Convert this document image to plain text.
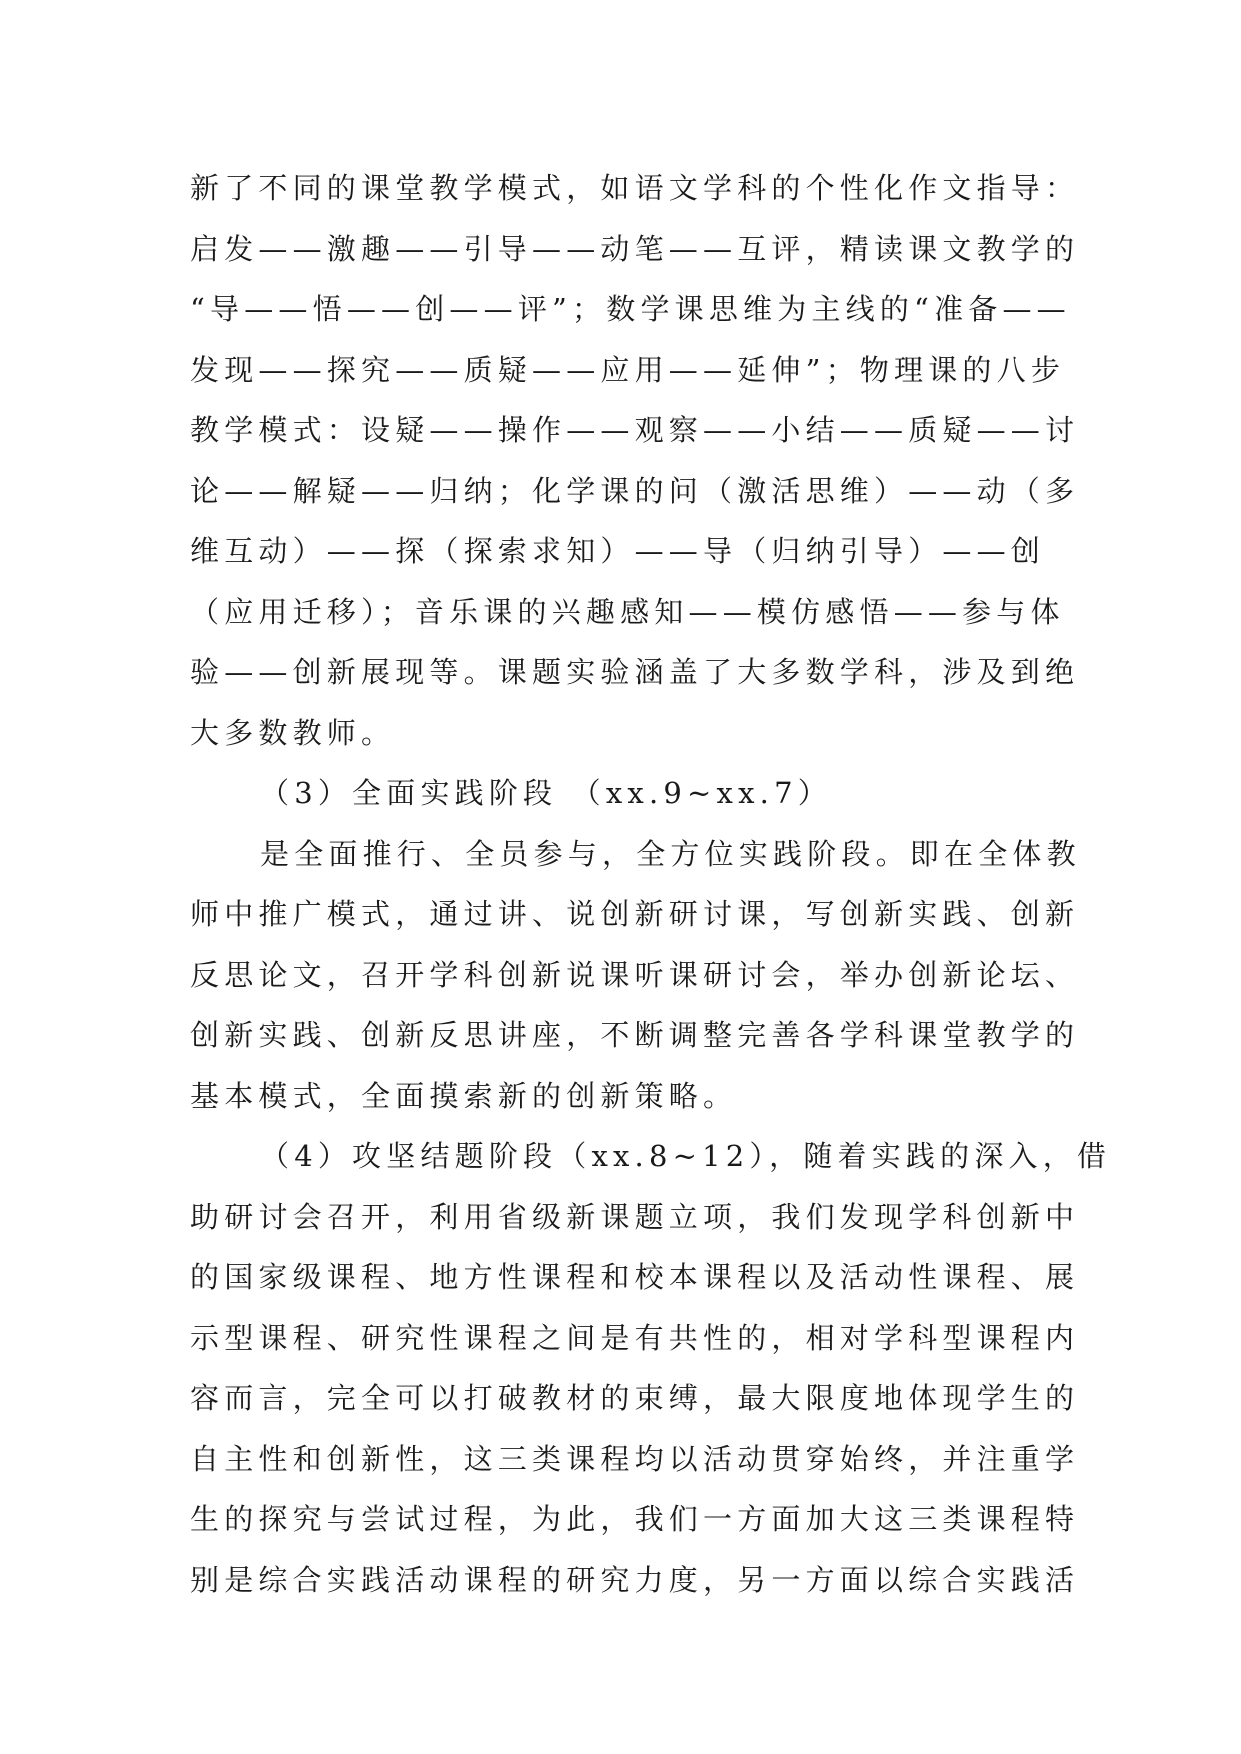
新了不同的课堂教学模式，如语文学科的个性化作文指导：
启发——激趣——引导——动笔——互评，精读课文教学的
“导——悟——创——评”；数学课思维为主线的“准备——
发现——探究——质疑——应用——延伸”；物理课的八步
教学模式：设疑——操作——观察——小结——质疑——讨
论——解疑——归纳；化学课的问（激活思维）——动（多
维互动）——探（探索求知）——导（归纳引导）——创
（应用迁移）；音乐课的兴趣感知——模仿感悟——参与体
验——创新展现等。课题实验涵盖了大多数学科，涉及到绝
大多数教师。
（3）全面实践阶段 （xx.9~xx.7）
是全面推行、全员参与，全方位实践阶段。即在全体教
师中推广模式，通过讲、说创新研讨课，写创新实践、创新
反思论文，召开学科创新说课听课研讨会，举办创新论坛、
创新实践、创新反思讲座，不断调整完善各学科课堂教学的
基本模式，全面摸索新的创新策略。
（4）攻坚结题阶段（xx.8~12），随着实践的深入，借
助研讨会召开，利用省级新课题立项，我们发现学科创新中
的国家级课程、地方性课程和校本课程以及活动性课程、展
示型课程、研究性课程之间是有共性的，相对学科型课程内
容而言，完全可以打破教材的束缚，最大限度地体现学生的
自主性和创新性，这三类课程均以活动贯穿始终，并注重学
生的探究与尝试过程，为此，我们一方面加大这三类课程特
别是综合实践活动课程的研究力度，另一方面以综合实践活
